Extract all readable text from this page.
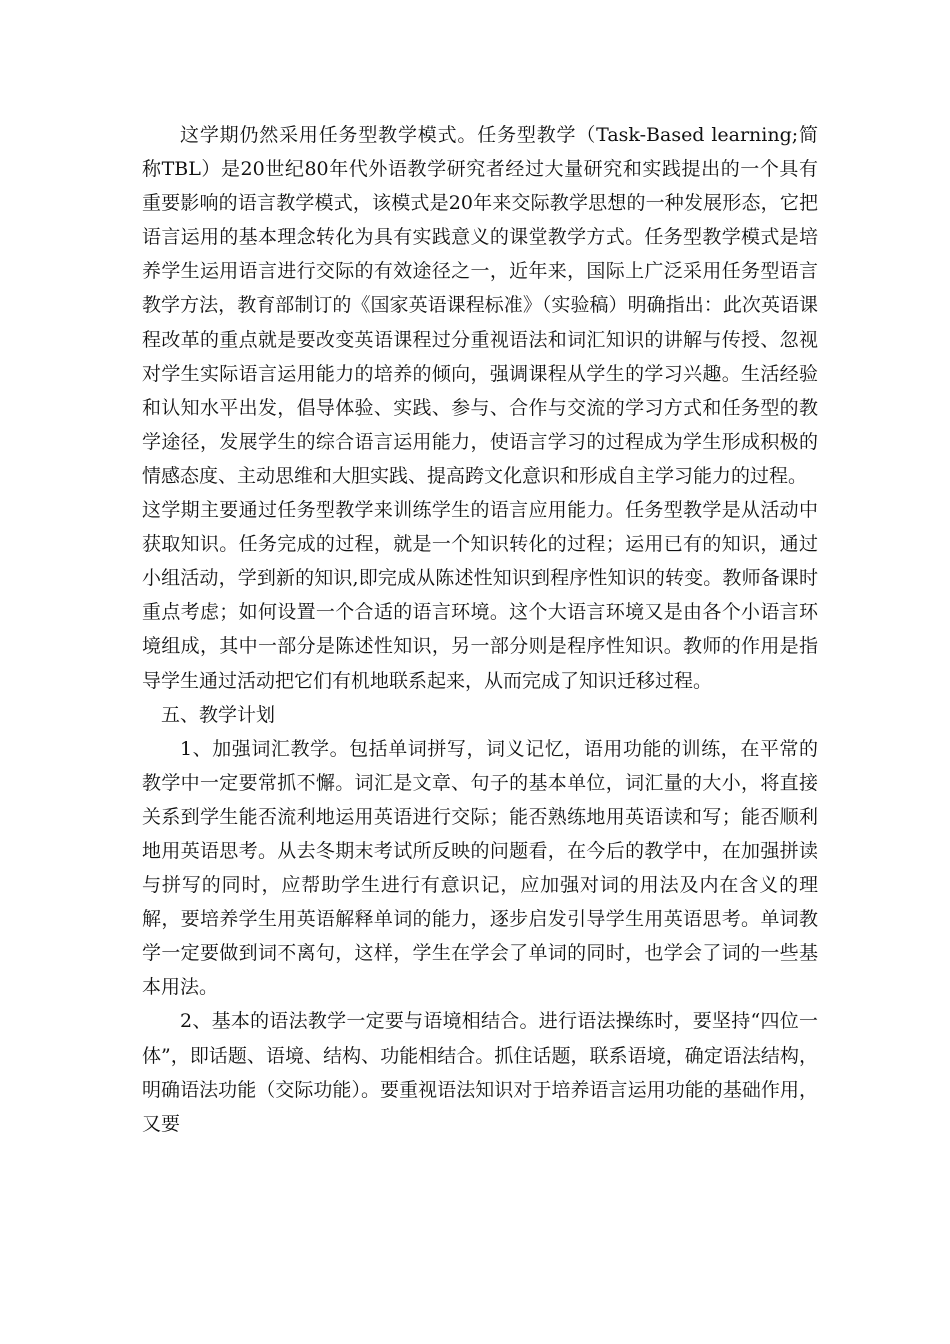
这学期仍然采用任务型教学模式。任务型教学（Task-Based learning;简称TBL）是20世纪80年代外语教学研究者经过大量研究和实践提出的一个具有重要影响的语言教学模式，该模式是20年来交际教学思想的一种发展形态，它把语言运用的基本理念转化为具有实践意义的课堂教学方式。任务型教学模式是培养学生运用语言进行交际的有效途径之一，近年来，国际上广泛采用任务型语言教学方法，教育部制订的《国家英语课程标准》（实验稿）明确指出：此次英语课程改革的重点就是要改变英语课程过分重视语法和词汇知识的讲解与传授、忽视对学生实际语言运用能力的培养的倾向，强调课程从学生的学习兴趣。生活经验和认知水平出发，倡导体验、实践、参与、合作与交流的学习方式和任务型的教学途径，发展学生的综合语言运用能力，使语言学习的过程成为学生形成积极的情感态度、主动思维和大胆实践、提高跨文化意识和形成自主学习能力的过程。

这学期主要通过任务型教学来训练学生的语言应用能力。任务型教学是从活动中获取知识。任务完成的过程，就是一个知识转化的过程；运用已有的知识，通过小组活动，学到新的知识,即完成从陈述性知识到程序性知识的转变。教师备课时重点考虑；如何设置一个合适的语言环境。这个大语言环境又是由各个小语言环境组成，其中一部分是陈述性知识，另一部分则是程序性知识。教师的作用是指导学生通过活动把它们有机地联系起来，从而完成了知识迁移过程。

五、教学计划

1、加强词汇教学。包括单词拼写，词义记忆，语用功能的训练，在平常的教学中一定要常抓不懈。词汇是文章、句子的基本单位，词汇量的大小，将直接关系到学生能否流利地运用英语进行交际；能否熟练地用英语读和写；能否顺利地用英语思考。从去冬期末考试所反映的问题看，在今后的教学中，在加强拼读与拼写的同时，应帮助学生进行有意识记，应加强对词的用法及内在含义的理解，要培养学生用英语解释单词的能力，逐步启发引导学生用英语思考。单词教学一定要做到词不离句，这样，学生在学会了单词的同时，也学会了词的一些基本用法。

2、基本的语法教学一定要与语境相结合。进行语法操练时，要坚持“四位一体”，即话题、语境、结构、功能相结合。抓住话题，联系语境，确定语法结构，明确语法功能（交际功能）。要重视语法知识对于培养语言运用功能的基础作用，又要
